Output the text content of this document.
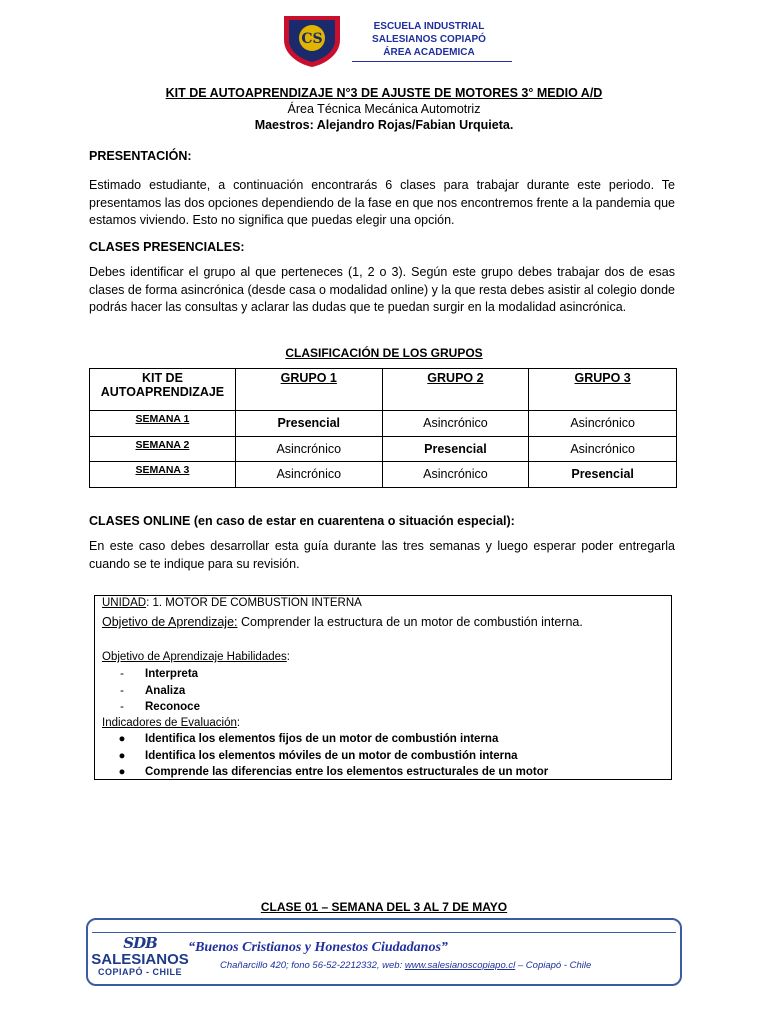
CS
ESCUELA INDUSTRIAL
SALESIANOS COPIAPÓ
ÁREA ACADEMICA
KIT DE AUTOAPRENDIZAJE N°3 DE AJUSTE DE MOTORES 3° MEDIO A/D
Área Técnica Mecánica Automotriz
Maestros: Alejandro Rojas/Fabian Urquieta.
PRESENTACIÓN:
Estimado estudiante, a continuación encontrarás 6 clases para trabajar durante este periodo. Te presentamos las dos opciones dependiendo de la fase en que nos encontremos frente a la pandemia que estamos viviendo. Esto no significa que puedas elegir una opción.
CLASES PRESENCIALES:
Debes identificar el grupo al que perteneces (1, 2 o 3). Según este grupo debes trabajar dos de esas clases de forma asincrónica (desde casa o modalidad online) y la que resta debes asistir al colegio donde podrás hacer las consultas y aclarar las dudas que te puedan surgir en la modalidad asincrónica.
CLASIFICACIÓN DE LOS GRUPOS
KIT DE
AUTOAPRENDIZAJE	GRUPO 1	GRUPO 2	GRUPO 3
SEMANA 1	Presencial	Asincrónico	Asincrónico
SEMANA 2	Asincrónico	Presencial	Asincrónico
SEMANA 3	Asincrónico	Asincrónico	Presencial
CLASES ONLINE (en caso de estar en cuarentena o situación especial):
En este caso debes desarrollar esta guía durante las tres semanas y luego esperar poder entregarla cuando se te indique para su revisión.
UNIDAD: 1. MOTOR DE COMBUSTION INTERNA
Objetivo de Aprendizaje: Comprender la estructura de un motor de combustión interna.
Objetivo de Aprendizaje Habilidades:
-	Interpreta
-	Analiza
-	Reconoce
Indicadores de Evaluación:
●	Identifica los elementos fijos de un motor de combustión interna
●	Identifica los elementos móviles de un motor de combustión interna
●	Comprende las diferencias entre los elementos estructurales de un motor
CLASE 01 – SEMANA DEL 3 AL 7 DE MAYO
SDB
SALESIANOS
COPIAPÓ - CHILE
“Buenos Cristianos y Honestos Ciudadanos”
Chañarcillo 420; fono 56-52-2212332, web: www.salesianoscopiapo.cl – Copiapó - Chile
